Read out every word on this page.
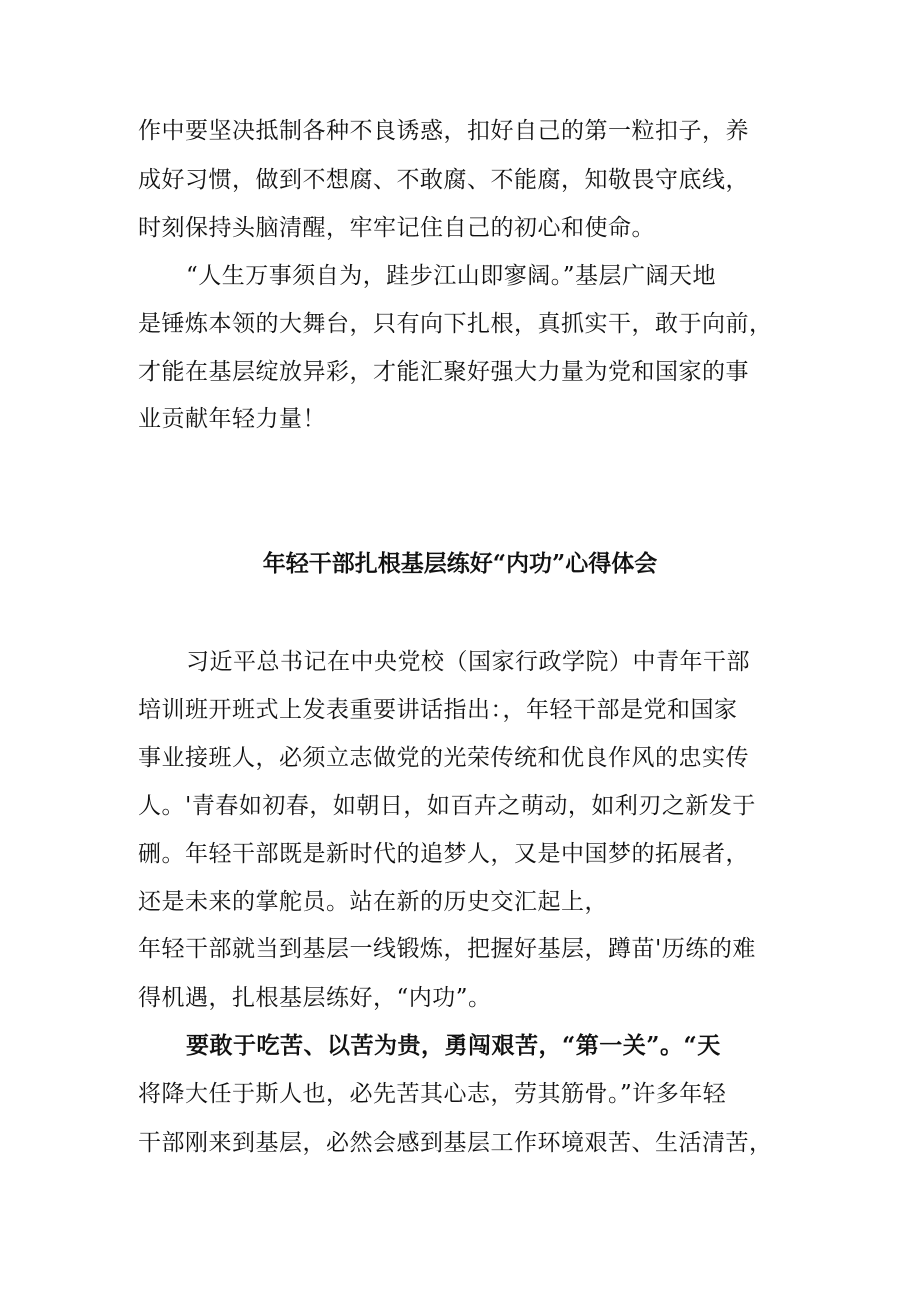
作中要坚决抵制各种不良诱惑，扣好自己的第一粒扣子，养
成好习惯，做到不想腐、不敢腐、不能腐，知敬畏守底线，
时刻保持头脑清醒，牢牢记住自己的初心和使命。
“人生万事须自为，跬步江山即寥阔。”基层广阔天地
是锤炼本领的大舞台，只有向下扎根，真抓实干，敢于向前，
才能在基层绽放异彩，才能汇聚好强大力量为党和国家的事
业贡献年轻力量！
年轻干部扎根基层练好“内功”心得体会
习近平总书记在中央党校（国家行政学院）中青年干部
培训班开班式上发表重要讲话指出：，年轻干部是党和国家
事业接班人，必须立志做党的光荣传统和优良作风的忠实传
人。'青春如初春，如朝日，如百卉之萌动，如利刃之新发于
硎。年轻干部既是新时代的追梦人，又是中国梦的拓展者，
还是未来的掌舵员。站在新的历史交汇起上，
年轻干部就当到基层一线锻炼，把握好基层，蹲苗'历练的难
得机遇，扎根基层练好，“内功”。
要敢于吃苦、以苦为贵，勇闯艰苦，“第一关”。“天
将降大任于斯人也，必先苦其心志，劳其筋骨。”许多年轻
干部刚来到基层，必然会感到基层工作环境艰苦、生活清苦，
